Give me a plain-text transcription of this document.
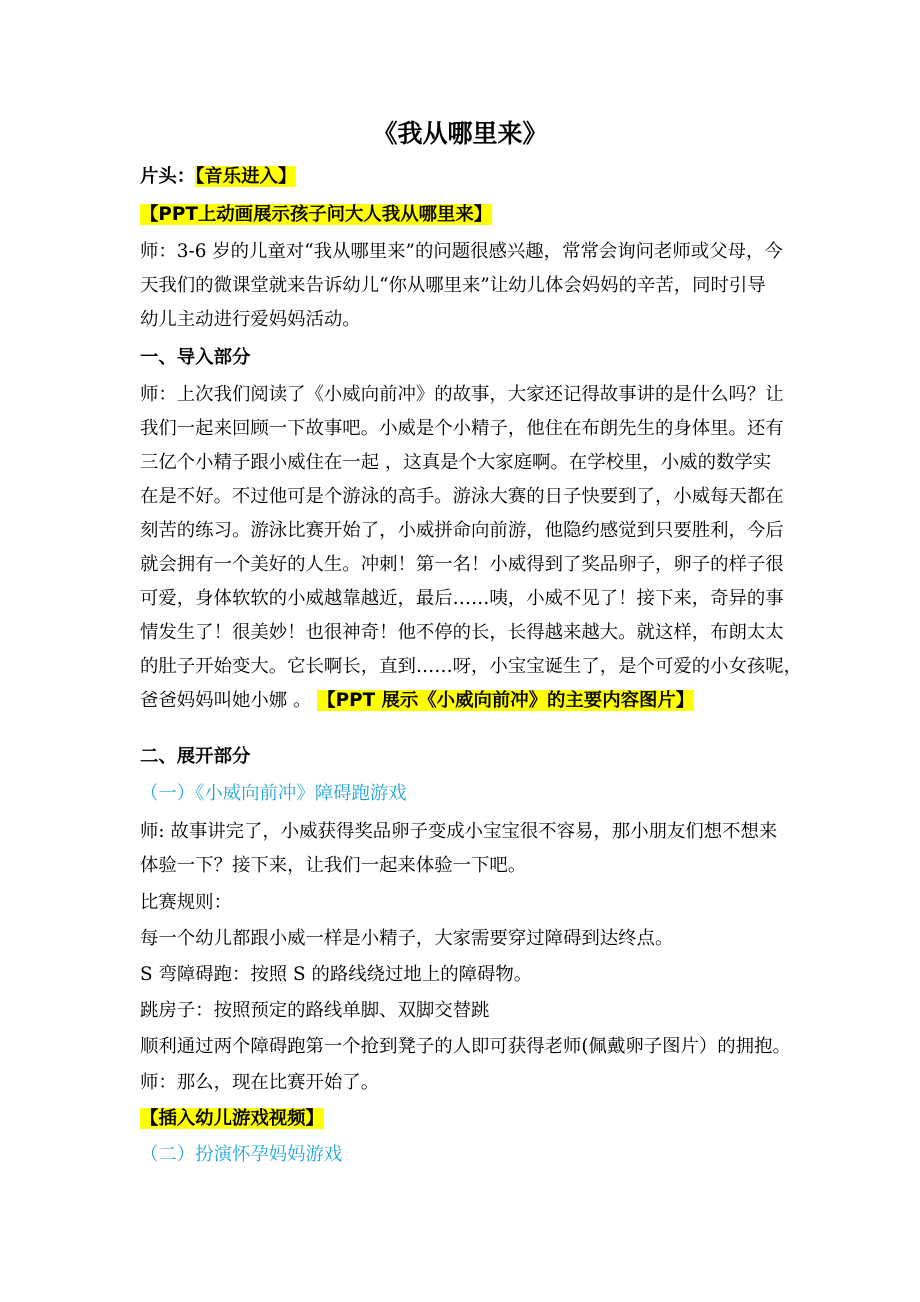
《我从哪里来》
片头：【音乐进入】
【PPT上动画展示孩子问大人我从哪里来】
师：3-6 岁的儿童对“我从哪里来”的问题很感兴趣，常常会询问老师或父母，今
天我们的微课堂就来告诉幼儿“你从哪里来”让幼儿体会妈妈的辛苦，同时引导
幼儿主动进行爱妈妈活动。
一、导入部分
师：上次我们阅读了《小威向前冲》的故事，大家还记得故事讲的是什么吗？让
我们一起来回顾一下故事吧。小威是个小精子，他住在布朗先生的身体里。还有
三亿个小精子跟小威住在一起 ，这真是个大家庭啊。在学校里，小威的数学实
在是不好。不过他可是个游泳的高手。游泳大赛的日子快要到了，小威每天都在
刻苦的练习。游泳比赛开始了，小威拼命向前游，他隐约感觉到只要胜利，今后
就会拥有一个美好的人生。冲刺！第一名！小威得到了奖品卵子，卵子的样子很
可爱，身体软软的小威越靠越近，最后……咦，小威不见了！接下来，奇异的事
情发生了！很美妙！也很神奇！他不停的长，长得越来越大。就这样，布朗太太
的肚子开始变大。它长啊长，直到……呀，小宝宝诞生了，是个可爱的小女孩呢，
爸爸妈妈叫她小娜 。 【PPT 展示《小威向前冲》的主要内容图片】
二、展开部分
（一）《小威向前冲》障碍跑游戏
师: 故事讲完了，小威获得奖品卵子变成小宝宝很不容易，那小朋友们想不想来
体验一下？接下来，让我们一起来体验一下吧。
比赛规则：
每一个幼儿都跟小威一样是小精子，大家需要穿过障碍到达终点。
S 弯障碍跑：按照 S 的路线绕过地上的障碍物。
跳房子：按照预定的路线单脚、双脚交替跳
顺利通过两个障碍跑第一个抢到凳子的人即可获得老师(佩戴卵子图片）的拥抱。
师：那么，现在比赛开始了。
【插入幼儿游戏视频】
（二）扮演怀孕妈妈游戏
